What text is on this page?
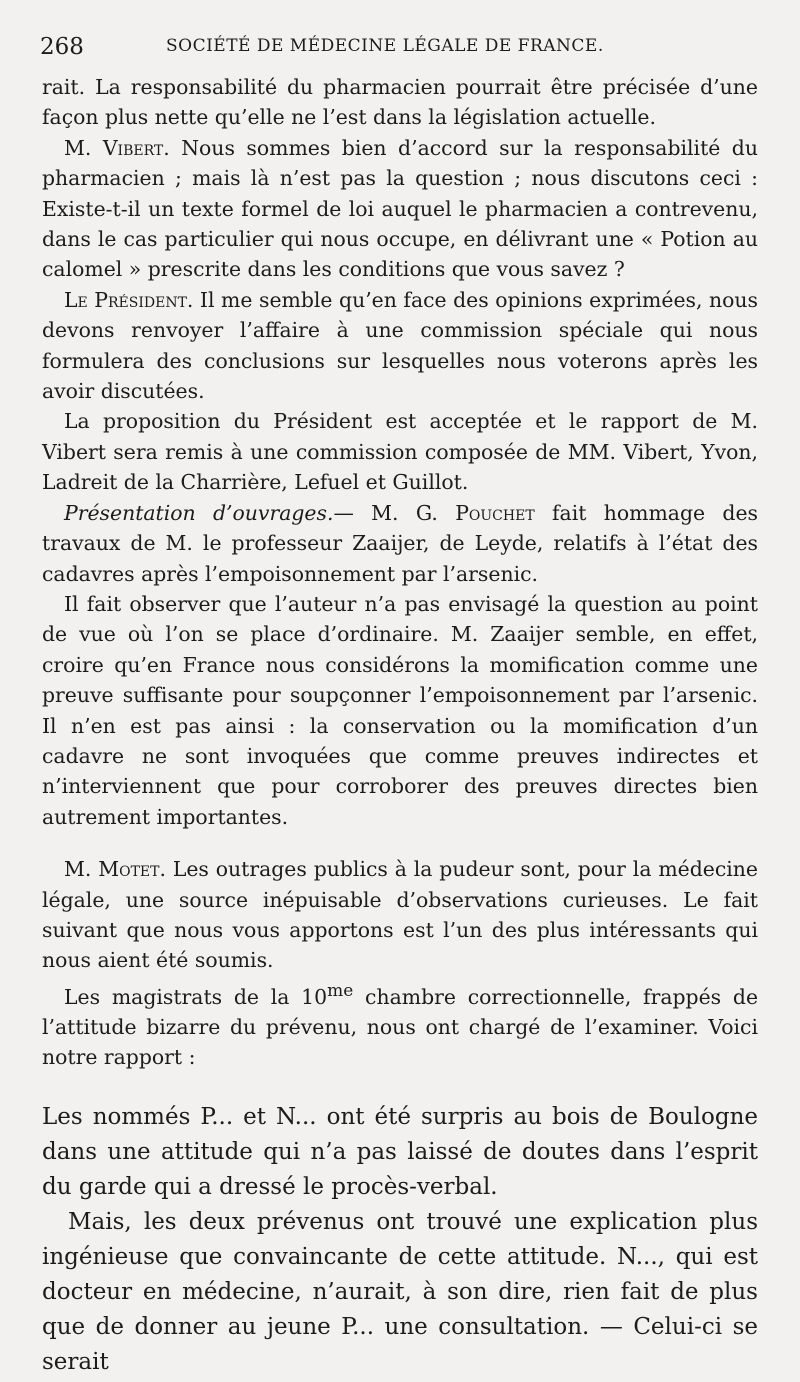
268	SOCIÉTÉ DE MÉDECINE LÉGALE DE FRANCE.

rait. La responsabilité du pharmacien pourrait être précisée d’une façon plus nette qu’elle ne l’est dans la législation actuelle.

M. Vibert. Nous sommes bien d’accord sur la responsabilité du pharmacien ; mais là n’est pas la question ; nous discutons ceci : Existe-t-il un texte formel de loi auquel le pharmacien a contrevenu, dans le cas particulier qui nous occupe, en délivrant une « Potion au calomel » prescrite dans les conditions que vous savez ?

Le Président. Il me semble qu’en face des opinions exprimées, nous devons renvoyer l’affaire à une commission spéciale qui nous formulera des conclusions sur lesquelles nous voterons après les avoir discutées.

La proposition du Président est acceptée et le rapport de M. Vibert sera remis à une commission composée de MM. Vibert, Yvon, Ladreit de la Charrière, Lefuel et Guillot.

Présentation d’ouvrages.— M. G. Pouchet fait hommage des travaux de M. le professeur Zaaijer, de Leyde, relatifs à l’état des cadavres après l’empoisonnement par l’arsenic.

Il fait observer que l’auteur n’a pas envisagé la question au point de vue où l’on se place d’ordinaire. M. Zaaijer semble, en effet, croire qu’en France nous considérons la momification comme une preuve suffisante pour soupçonner l’empoisonnement par l’arsenic. Il n’en est pas ainsi : la conservation ou la momification d’un cadavre ne sont invoquées que comme preuves indirectes et n’interviennent que pour corroborer des preuves directes bien autrement importantes.

M. Motet. Les outrages publics à la pudeur sont, pour la médecine légale, une source inépuisable d’observations curieuses. Le fait suivant que nous vous apportons est l’un des plus intéressants qui nous aient été soumis.

Les magistrats de la $10^{me}$ chambre correctionnelle, frappés de l’attitude bizarre du prévenu, nous ont chargé de l’examiner. Voici notre rapport :

Les nommés P... et N... ont été surpris au bois de Boulogne dans une attitude qui n’a pas laissé de doutes dans l’esprit du garde qui a dressé le procès-verbal.

Mais, les deux prévenus ont trouvé une explication plus ingénieuse que convaincante de cette attitude. N..., qui est docteur en médecine, n’aurait, à son dire, rien fait de plus que de donner au jeune P... une consultation. — Celui-ci se serait
